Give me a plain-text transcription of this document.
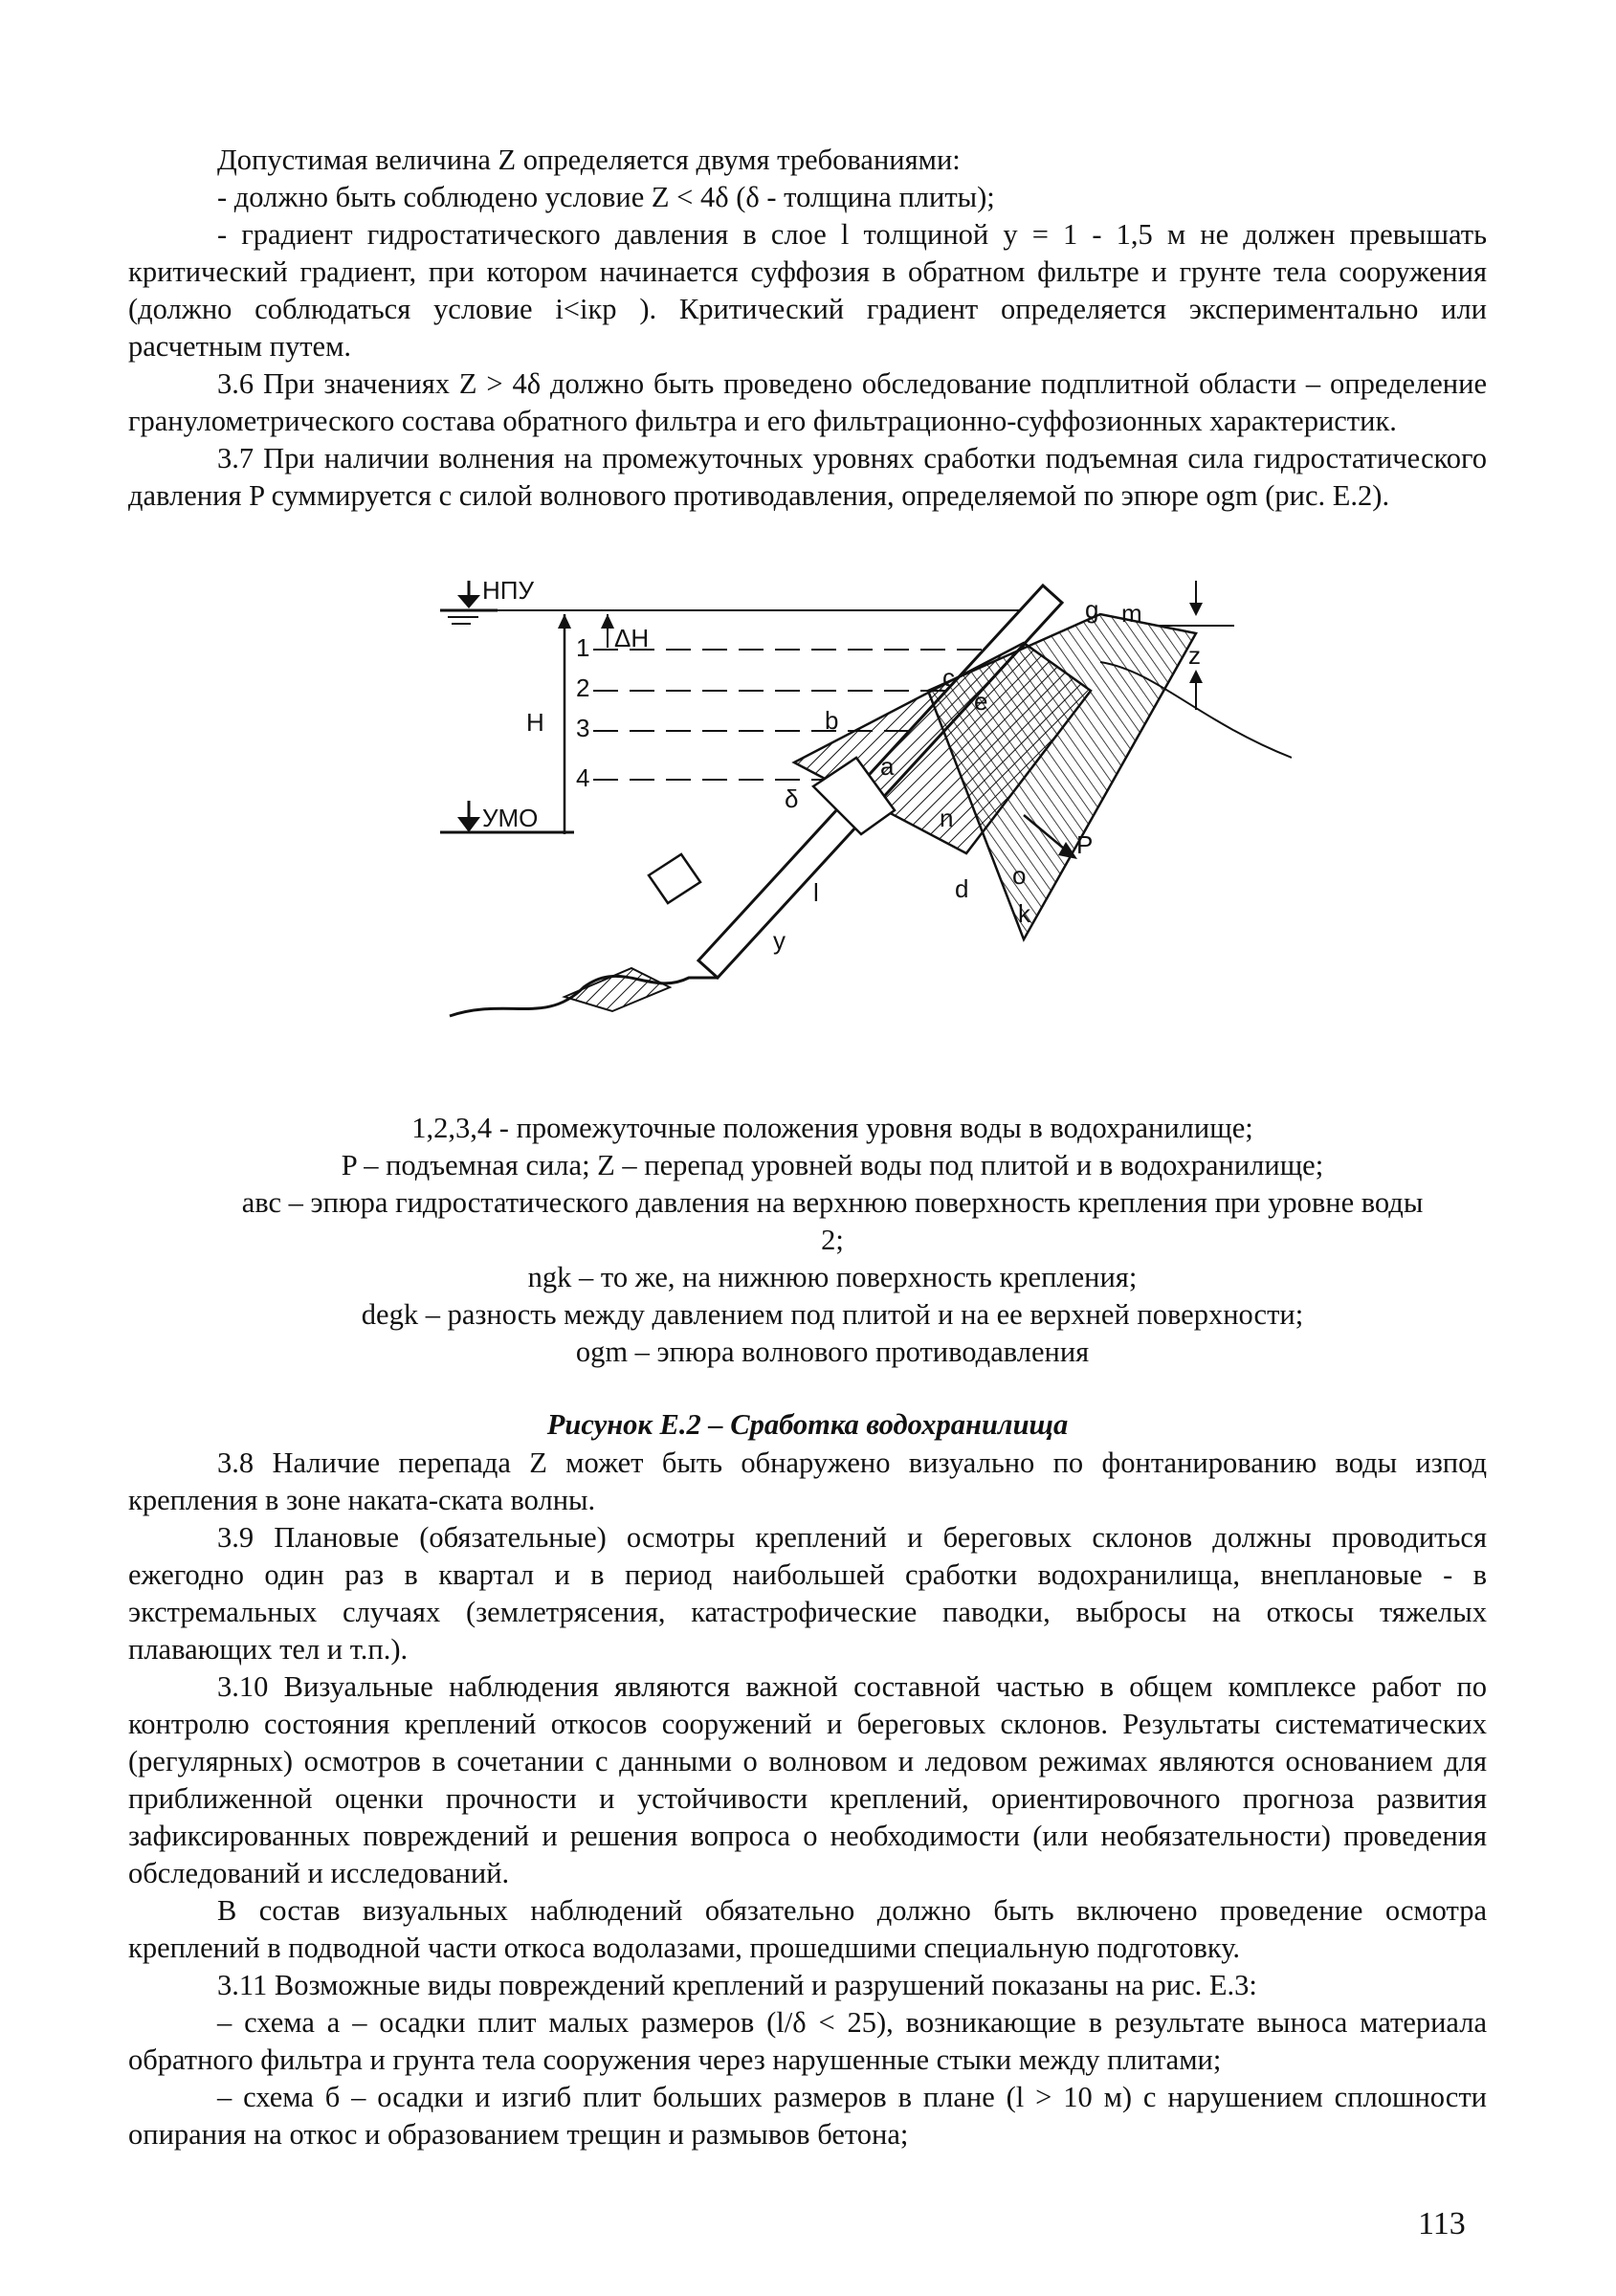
Допустимая величина Z определяется двумя требованиями:

- должно быть соблюдено условие Z < 4δ (δ - толщина плиты);

- градиент гидростатического давления в слое l толщиной y = 1 - 1,5 м не должен превышать критический градиент, при котором начинается суффозия в обратном фильтре и грунте тела сооружения (должно соблюдаться условие i<iкр ). Критический градиент определяется экспериментально или расчетным путем.

3.6 При значениях Z > 4δ должно быть проведено обследование подплитной области – определение гранулометрического состава обратного фильтра и его фильтрационно-суффозионных характеристик.

3.7 При наличии волнения на промежуточных уровнях сработки подъемная сила гидростатического давления P суммируется с силой волнового противодавления, определяемой по эпюре ogm (рис. E.2).

НПУ
Н
ΔН
1
2
3
4
УМО
z
b
a
c
e
g m
n
d o
k
l
y
δ
P

1,2,3,4 - промежуточные положения уровня воды в водохранилище;

P – подъемная сила; Z – перепад уровней воды под плитой и в водохранилище;

авс – эпюра гидростатического давления на верхнюю поверхность крепления при уровне воды 2;

ngk – то же, на нижнюю поверхность крепления;

degk – разность между давлением под плитой и на ее верхней поверхности;

ogm – эпюра волнового противодавления

Рисунок Е.2 – Сработка водохранилища

3.8 Наличие перепада Z может быть обнаружено визуально по фонтанированию воды изпод крепления в зоне наката-ската волны.

3.9 Плановые (обязательные) осмотры креплений и береговых склонов должны проводиться ежегодно один раз в квартал и в период наибольшей сработки водохранилища, внеплановые - в экстремальных случаях (землетрясения, катастрофические паводки, выбросы на откосы тяжелых плавающих тел и т.п.).

3.10 Визуальные наблюдения являются важной составной частью в общем комплексе работ по контролю состояния креплений откосов сооружений и береговых склонов. Результаты систематических (регулярных) осмотров в сочетании с данными о волновом и ледовом режимах являются основанием для приближенной оценки прочности и устойчивости креплений, ориентировочного прогноза развития зафиксированных повреждений и решения вопроса о необходимости (или необязательности) проведения обследований и исследований.

В состав визуальных наблюдений обязательно должно быть включено проведение осмотра креплений в подводной части откоса водолазами, прошедшими специальную подготовку.

3.11 Возможные виды повреждений креплений и разрушений показаны на рис. Е.3:

– схема а – осадки плит малых размеров (l/δ < 25), возникающие в результате выноса материала обратного фильтра и грунта тела сооружения через нарушенные стыки между плитами;

– схема б – осадки и изгиб плит больших размеров в плане (l > 10 м) с нарушением сплошности опирания на откос и образованием трещин и размывов бетона;

113
